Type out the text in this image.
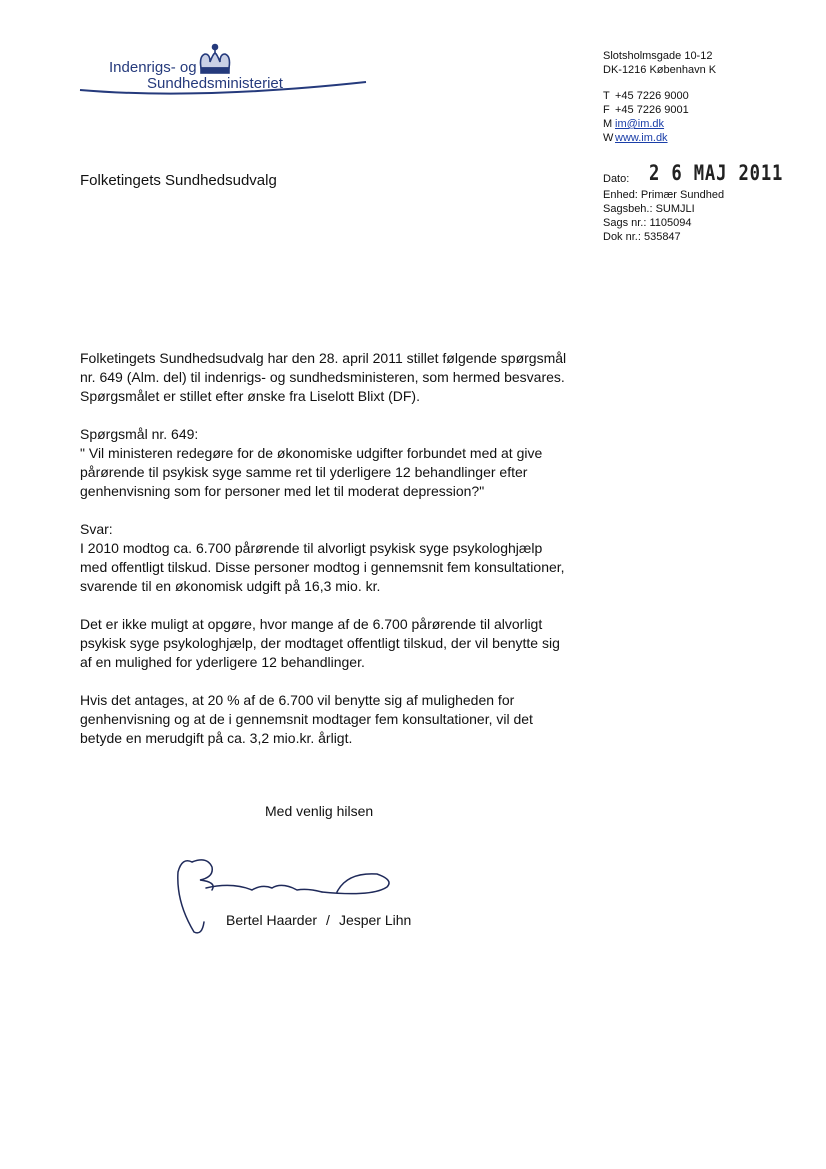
Indenrigs- og
Sundhedsministeriet
Slotsholmsgade 10-12
DK-1216 København K
T +45 7226 9000
F +45 7226 9001
M im@im.dk
W www.im.dk
Dato: 2 6 MAJ 2011
Enhed: Primær Sundhed
Sagsbeh.: SUMJLI
Sags nr.: 1105094
Dok nr.: 535847
Folketingets Sundhedsudvalg

Folketingets Sundhedsudvalg har den 28. april 2011 stillet følgende spørgsmål
nr. 649 (Alm. del) til indenrigs- og sundhedsministeren, som hermed besvares.
Spørgsmålet er stillet efter ønske fra Liselott Blixt (DF).

Spørgsmål nr. 649:
" Vil ministeren redegøre for de økonomiske udgifter forbundet med at give
pårørende til psykisk syge samme ret til yderligere 12 behandlinger efter
genhenvisning som for personer med let til moderat depression?"

Svar:
I 2010 modtog ca. 6.700 pårørende til alvorligt psykisk syge psykologhjælp
med offentligt tilskud. Disse personer modtog i gennemsnit fem konsultationer,
svarende til en økonomisk udgift på 16,3 mio. kr.

Det er ikke muligt at opgøre, hvor mange af de 6.700 pårørende til alvorligt
psykisk syge psykologhjælp, der modtaget offentligt tilskud, der vil benytte sig
af en mulighed for yderligere 12 behandlinger.

Hvis det antages, at 20 % af de 6.700 vil benytte sig af muligheden for
genhenvisning og at de i gennemsnit modtager fem konsultationer, vil det
betyde en merudgift på ca. 3,2 mio.kr. årligt.

Med venlig hilsen
Bertel Haarder / Jesper Lihn
